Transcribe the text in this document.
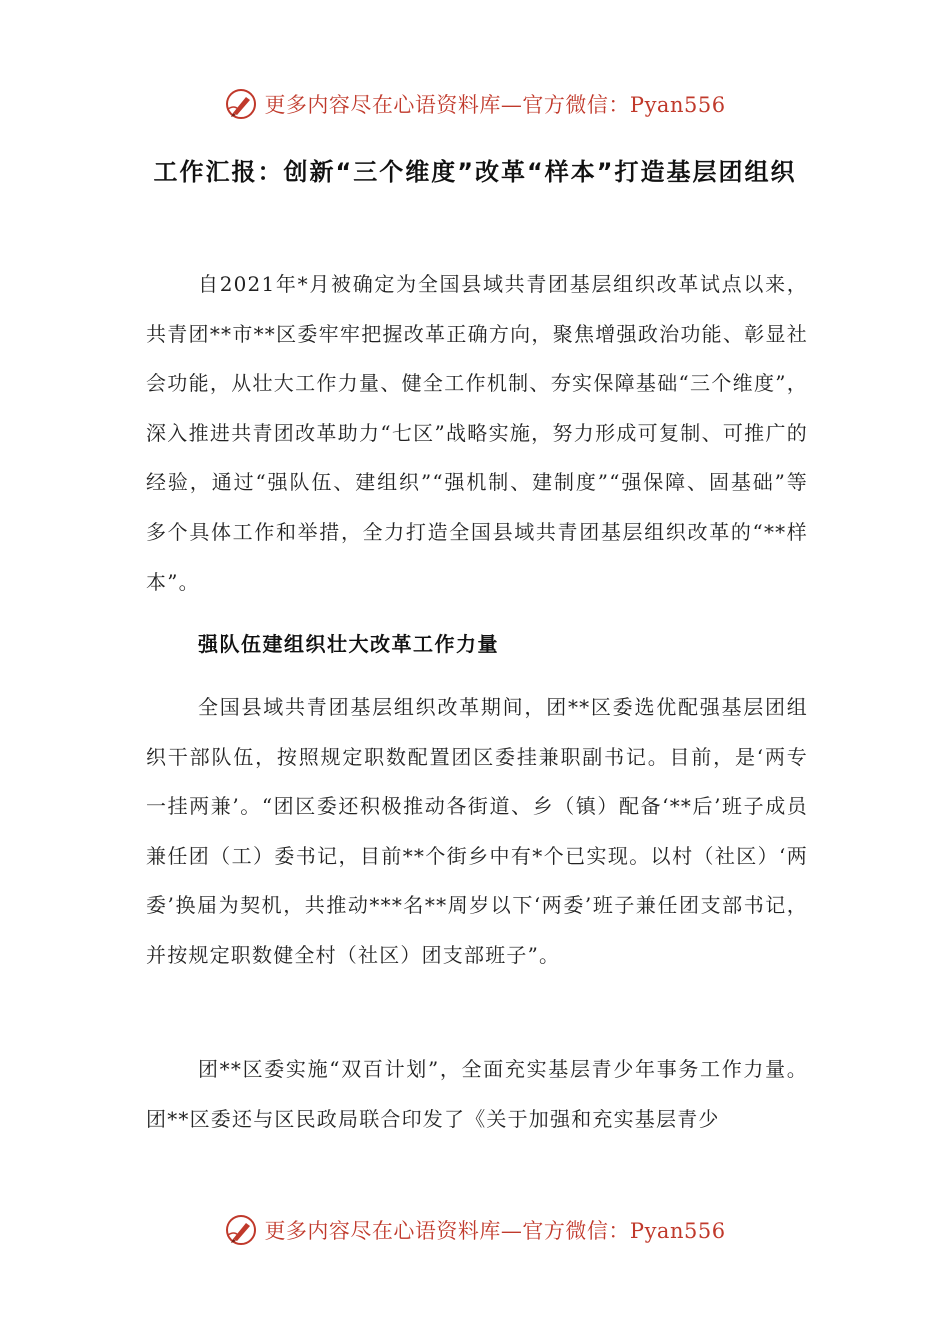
更多内容尽在心语资料库—官方微信：Pyan556
工作汇报：创新“三个维度”改革“样本”打造基层团组织

自2021年*月被确定为全国县域共青团基层组织改革试点以来，共青团**市**区委牢牢把握改革正确方向，聚焦增强政治功能、彰显社会功能，从壮大工作力量、健全工作机制、夯实保障基础“三个维度”，深入推进共青团改革助力“七区”战略实施，努力形成可复制、可推广的经验，通过“强队伍、建组织”“强机制、建制度”“强保障、固基础”等多个具体工作和举措，全力打造全国县域共青团基层组织改革的“**样本”。

强队伍建组织壮大改革工作力量

全国县域共青团基层组织改革期间，团**区委选优配强基层团组织干部队伍，按照规定职数配置团区委挂兼职副书记。目前，是‘两专一挂两兼’。“团区委还积极推动各街道、乡（镇）配备‘**后’班子成员兼任团（工）委书记，目前**个街乡中有*个已实现。以村（社区）‘两委’换届为契机，共推动***名**周岁以下‘两委’班子兼任团支部书记，并按规定职数健全村（社区）团支部班子”。

团**区委实施“双百计划”，全面充实基层青少年事务工作力量。团**区委还与区民政局联合印发了《关于加强和充实基层青少

更多内容尽在心语资料库—官方微信：Pyan556
